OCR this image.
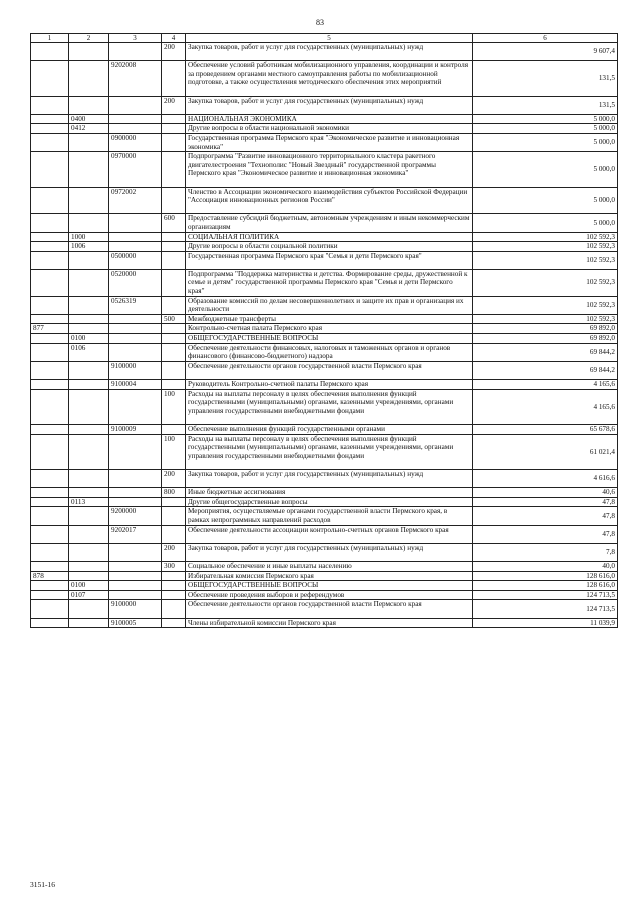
83
1	2	3	4	5	6
			200	Закупка товаров, работ и услуг для государственных (муниципальных) нужд	9 607,4
		9202008		Обеспечение условий работникам мобилизационного управления, координации и контроля за проведением органами местного самоуправления работы по мобилизационной подготовке, а также осуществления методического обеспечения этих мероприятий	131,5
			200	Закупка товаров, работ и услуг для государственных (муниципальных) нужд	131,5
	0400			НАЦИОНАЛЬНАЯ ЭКОНОМИКА	5 000,0
	0412			Другие вопросы в области национальной экономики	5 000,0
		0900000		Государственная программа Пермского края "Экономическое развитие и инновационная экономика"	5 000,0
		0970000		Подпрограмма "Развитие инновационного территориального кластера ракетного двигателестроения "Технополис "Новый Звездный" государственной программы Пермского края "Экономическое развитие и инновационная экономика"	5 000,0
		0972002		Членство в Ассоциации экономического взаимодействия субъектов Российской Федерации "Ассоциация инновационных регионов России"	5 000,0
			600	Предоставление субсидий бюджетным, автономным учреждениям и иным некоммерческим организациям	5 000,0
	1000			СОЦИАЛЬНАЯ ПОЛИТИКА	102 592,3
	1006			Другие вопросы в области социальной политики	102 592,3
		0500000		Государственная программа Пермского края "Семья и дети Пермского края"	102 592,3
		0520000		Подпрограмма "Поддержка материнства и детства. Формирование среды, дружественной к семье и детям" государственной программы Пермского края "Семья и дети Пермского края"	102 592,3
		0526319		Образование комиссий по делам несовершеннолетних и защите их прав и организация их деятельности	102 592,3
			500	Межбюджетные трансферты	102 592,3
877				Контрольно-счетная палата Пермского края	69 892,0
	0100			ОБЩЕГОСУДАРСТВЕННЫЕ ВОПРОСЫ	69 892,0
	0106			Обеспечение деятельности финансовых, налоговых и таможенных органов и органов финансового (финансово-бюджетного) надзора	69 844,2
		9100000		Обеспечение деятельности органов государственной власти Пермского края	69 844,2
		9100004		Руководитель Контрольно-счетной палаты Пермского края	4 165,6
			100	Расходы на выплаты персоналу в целях обеспечения выполнения функций государственными (муниципальными) органами, казенными учреждениями, органами управления государственными внебюджетными фондами	4 165,6
		9100009		Обеспечение выполнения функций государственными органами	65 678,6
			100	Расходы на выплаты персоналу в целях обеспечения выполнения функций государственными (муниципальными) органами, казенными учреждениями, органами управления государственными внебюджетными фондами	61 021,4
			200	Закупка товаров, работ и услуг для государственных (муниципальных) нужд	4 616,6
			800	Иные бюджетные ассигнования	40,6
	0113			Другие общегосударственные вопросы	47,8
		9200000		Мероприятия, осуществляемые органами государственной власти Пермского края, в рамках непрограммных направлений расходов	47,8
		9202017		Обеспечение деятельности ассоциации контрольно-счетных органов Пермского края	47,8
			200	Закупка товаров, работ и услуг для государственных (муниципальных) нужд	7,8
			300	Социальное обеспечение и иные выплаты населению	40,0
878				Избирательная комиссия Пермского края	128 616,0
	0100			ОБЩЕГОСУДАРСТВЕННЫЕ ВОПРОСЫ	128 616,0
	0107			Обеспечение проведения выборов и референдумов	124 713,5
		9100000		Обеспечение деятельности органов государственной власти Пермского края	124 713,5
		9100005		Члены избирательной комиссии Пермского края	11 039,9
3151-16
